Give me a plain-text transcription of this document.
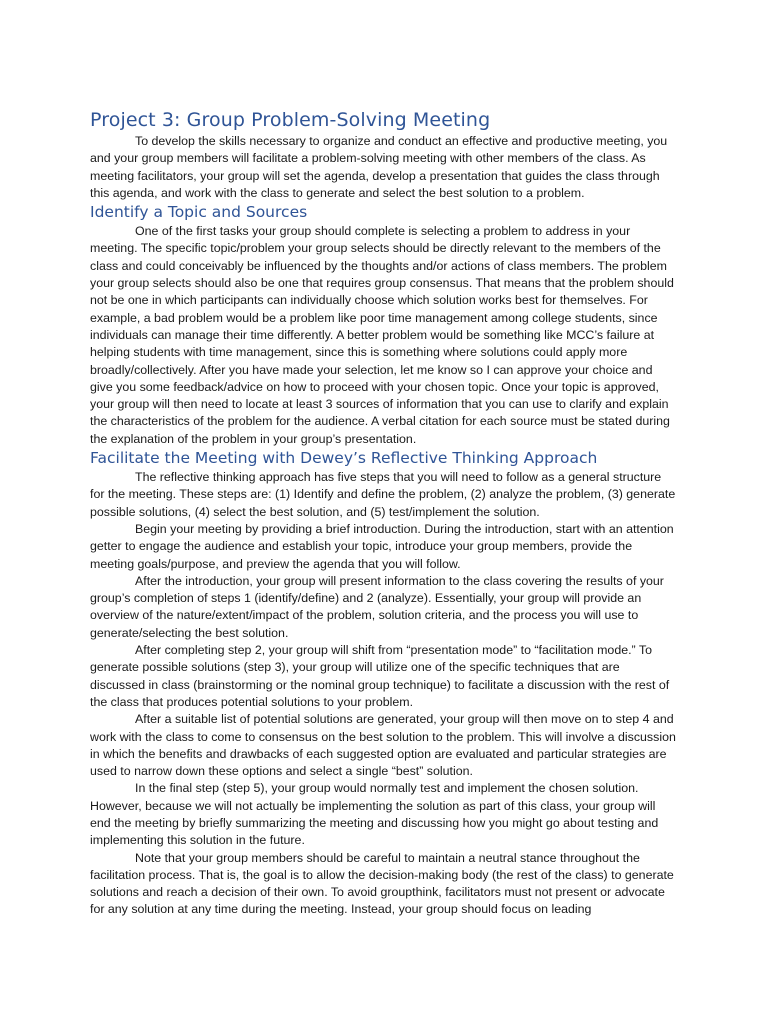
Project 3: Group Problem-Solving Meeting

To develop the skills necessary to organize and conduct an effective and productive meeting, you and your group members will facilitate a problem-solving meeting with other members of the class. As meeting facilitators, your group will set the agenda, develop a presentation that guides the class through this agenda, and work with the class to generate and select the best solution to a problem.

Identify a Topic and Sources

One of the first tasks your group should complete is selecting a problem to address in your meeting. The specific topic/problem your group selects should be directly relevant to the members of the class and could conceivably be influenced by the thoughts and/or actions of class members. The problem your group selects should also be one that requires group consensus. That means that the problem should not be one in which participants can individually choose which solution works best for themselves. For example, a bad problem would be a problem like poor time management among college students, since individuals can manage their time differently. A better problem would be something like MCC’s failure at helping students with time management, since this is something where solutions could apply more broadly/collectively. After you have made your selection, let me know so I can approve your choice and give you some feedback/advice on how to proceed with your chosen topic. Once your topic is approved, your group will then need to locate at least 3 sources of information that you can use to clarify and explain the characteristics of the problem for the audience. A verbal citation for each source must be stated during the explanation of the problem in your group’s presentation.

Facilitate the Meeting with Dewey’s Reflective Thinking Approach

The reflective thinking approach has five steps that you will need to follow as a general structure for the meeting. These steps are: (1) Identify and define the problem, (2) analyze the problem, (3) generate possible solutions, (4) select the best solution, and (5) test/implement the solution.

Begin your meeting by providing a brief introduction. During the introduction, start with an attention getter to engage the audience and establish your topic, introduce your group members, provide the meeting goals/purpose, and preview the agenda that you will follow.

After the introduction, your group will present information to the class covering the results of your group’s completion of steps 1 (identify/define) and 2 (analyze). Essentially, your group will provide an overview of the nature/extent/impact of the problem, solution criteria, and the process you will use to generate/selecting the best solution.

After completing step 2, your group will shift from “presentation mode” to “facilitation mode.” To generate possible solutions (step 3), your group will utilize one of the specific techniques that are discussed in class (brainstorming or the nominal group technique) to facilitate a discussion with the rest of the class that produces potential solutions to your problem.

After a suitable list of potential solutions are generated, your group will then move on to step 4 and work with the class to come to consensus on the best solution to the problem. This will involve a discussion in which the benefits and drawbacks of each suggested option are evaluated and particular strategies are used to narrow down these options and select a single “best” solution.

In the final step (step 5), your group would normally test and implement the chosen solution. However, because we will not actually be implementing the solution as part of this class, your group will end the meeting by briefly summarizing the meeting and discussing how you might go about testing and implementing this solution in the future.

Note that your group members should be careful to maintain a neutral stance throughout the facilitation process. That is, the goal is to allow the decision-making body (the rest of the class) to generate solutions and reach a decision of their own. To avoid groupthink, facilitators must not present or advocate for any solution at any time during the meeting. Instead, your group should focus on leading
